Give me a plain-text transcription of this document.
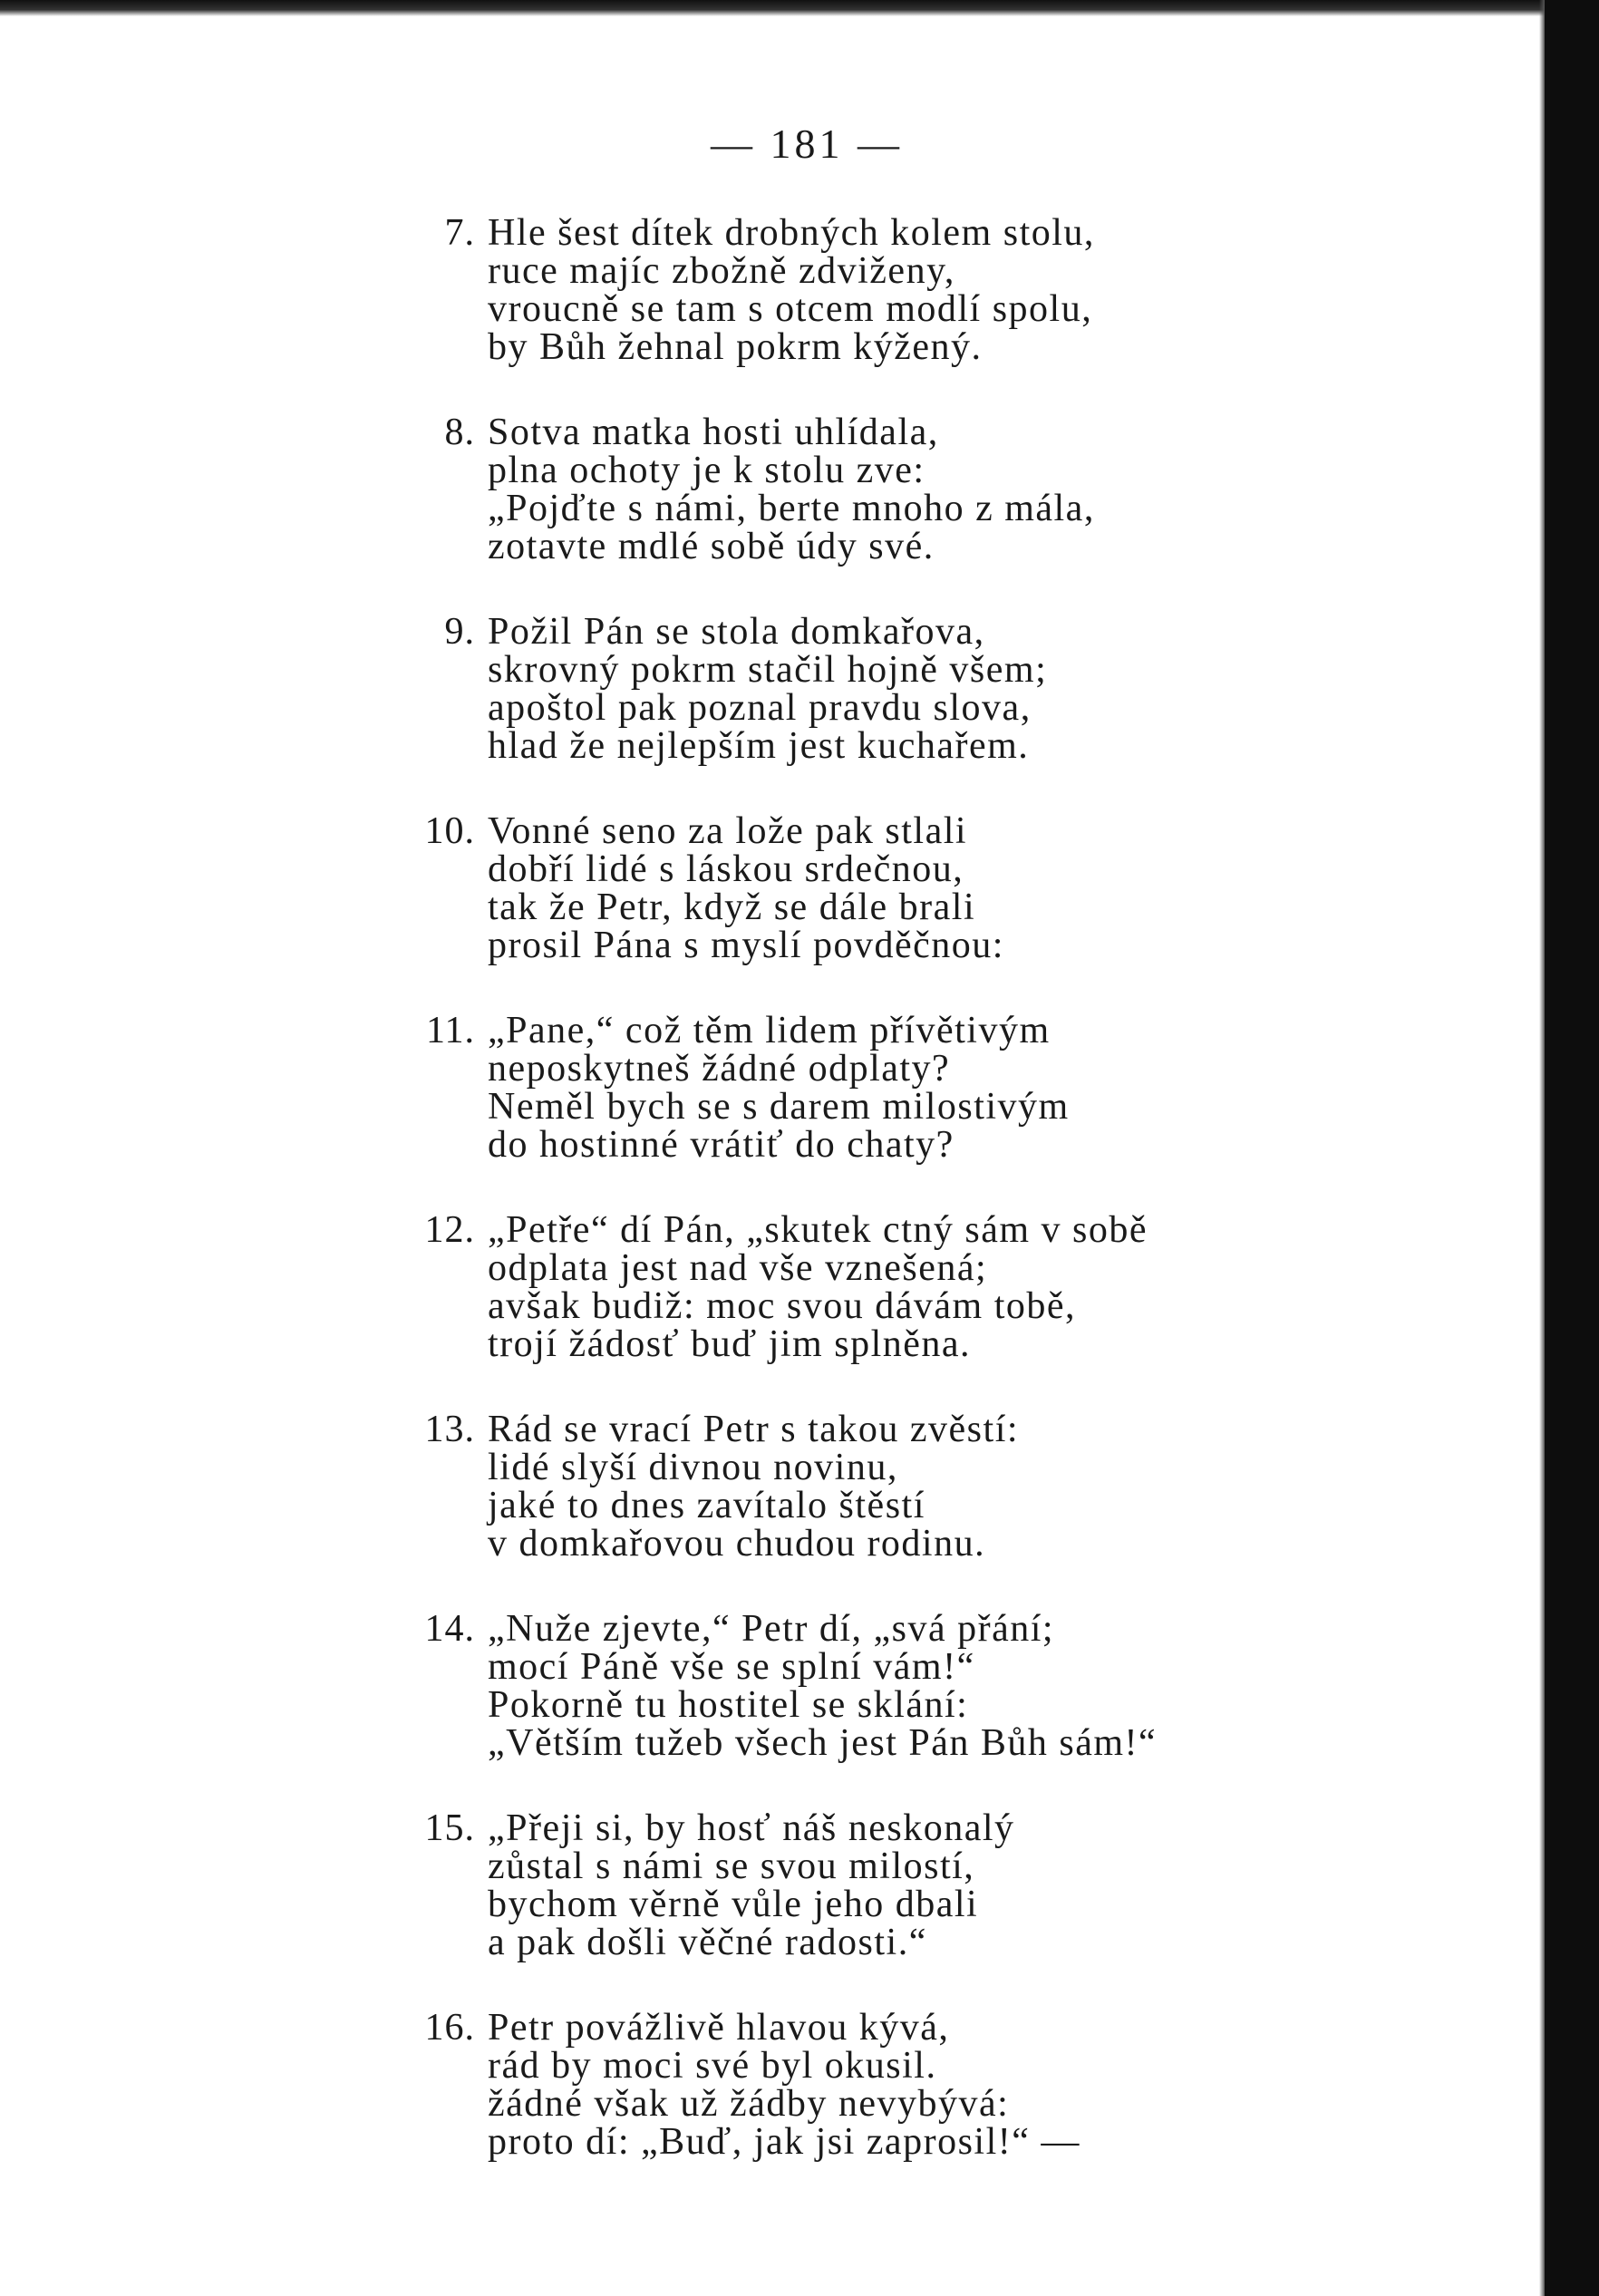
— 181 —
7. Hle šest dítek drobných kolem stolu,
ruce majíc zbožně zdviženy,
vroucně se tam s otcem modlí spolu,
by Bůh žehnal pokrm kýžený.
8. Sotva matka hosti uhlídala,
plna ochoty je k stolu zve:
„Pojďte s námi, berte mnoho z mála,
zotavte mdlé sobě údy své.
9. Požil Pán se stola domkařova,
skrovný pokrm stačil hojně všem;
apoštol pak poznal pravdu slova,
hlad že nejlepším jest kuchařem.
10. Vonné seno za lože pak stlali
dobří lidé s láskou srdečnou,
tak že Petr, když se dále brali
prosil Pána s myslí povděčnou:
11. „Pane,“ což těm lidem přívětivým
neposkytneš žádné odplaty?
Neměl bych se s darem milostivým
do hostinné vrátiť do chaty?
12. „Petře“ dí Pán, „skutek ctný sám v sobě
odplata jest nad vše vznešená;
avšak budiž: moc svou dávám tobě,
trojí žádosť buď jim splněna.
13. Rád se vrací Petr s takou zvěstí:
lidé slyší divnou novinu,
jaké to dnes zavítalo štěstí
v domkařovou chudou rodinu.
14. „Nuže zjevte,“ Petr dí, „svá přání;
mocí Páně vše se splní vám!“
Pokorně tu hostitel se sklání:
„Větším tužeb všech jest Pán Bůh sám!“
15. „Přeji si, by hosť náš neskonalý
zůstal s námi se svou milostí,
bychom věrně vůle jeho dbali
a pak došli věčné radosti.“
16. Petr povážlivě hlavou kývá,
rád by moci své byl okusil.
žádné však už žádby nevybývá:
proto dí: „Buď, jak jsi zaprosil!“ —
